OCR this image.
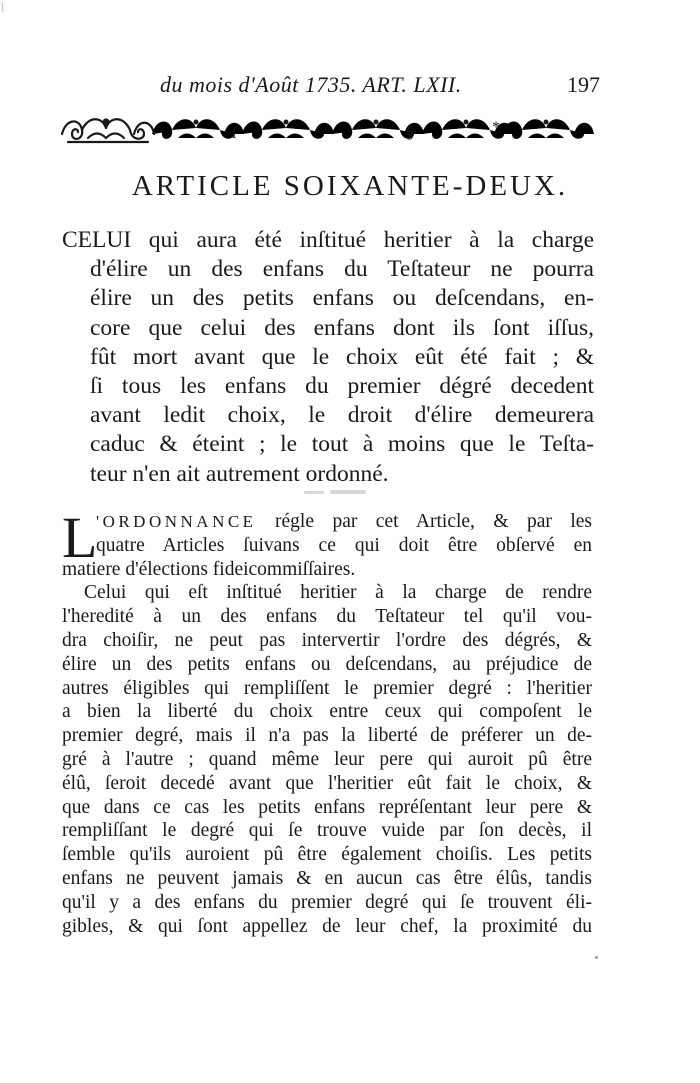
du mois d'Août 1735. ART. LXII.	197
ſ	§	*
ARTICLE SOIXANTE-DEUX.
CELUI qui aura été inſtitué heritier à la charge
d'élire un des enfans du Teſtateur ne pourra
élire un des petits enfans ou deſcendans, en-
core que celui des enfans dont ils ſont iſſus,
fût mort avant que le choix eût été fait ; &
ſi tous les enfans du premier dégré decedent
avant ledit choix, le droit d'élire demeurera
caduc & éteint ; le tout à moins que le Teſta-
teur n'en ait autrement ordonné.
L
'ORDONNANCE régle par cet Article, & par les
quatre Articles ſuivans ce qui doit être obſervé en
matiere d'élections fideicommiſſaires.
Celui qui eſt inſtitué heritier à la charge de rendre
l'heredité à un des enfans du Teſtateur tel qu'il vou-
dra choiſir, ne peut pas intervertir l'ordre des dégrés, &
élire un des petits enfans ou deſcendans, au préjudice de
autres éligibles qui rempliſſent le premier degré : l'heritier
a bien la liberté du choix entre ceux qui compoſent le
premier degré, mais il n'a pas la liberté de préferer un de-
gré à l'autre ; quand même leur pere qui auroit pû être
élû, ſeroit decedé avant que l'heritier eût fait le choix, &
que dans ce cas les petits enfans repréſentant leur pere &
rempliſſant le degré qui ſe trouve vuide par ſon decès, il
ſemble qu'ils auroient pû être également choiſis. Les petits
enfans ne peuvent jamais & en aucun cas être élûs, tandis
qu'il y a des enfans du premier degré qui ſe trouvent éli-
gibles, & qui ſont appellez de leur chef, la proximité du
